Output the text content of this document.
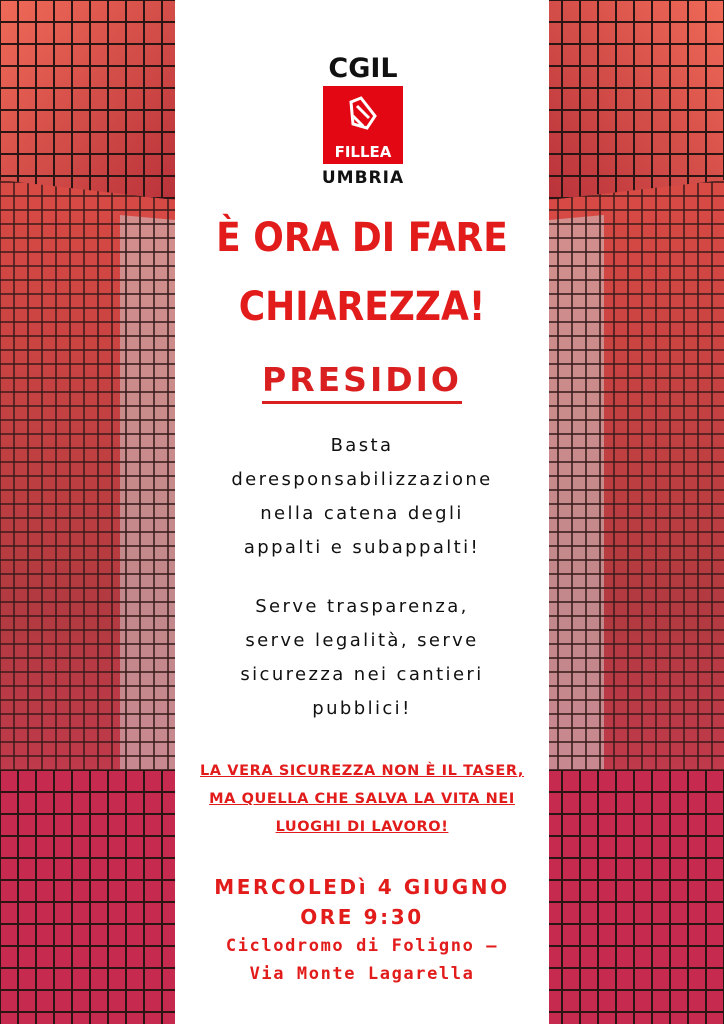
CGIL
FILLEA
UMBRIA
È ORA DI FARE
CHIAREZZA!
PRESIDIO
Basta
deresponsabilizzazione
nella catena degli
appalti e subappalti!
Serve trasparenza,
serve legalità, serve
sicurezza nei cantieri
pubblici!
LA VERA SICUREZZA NON È IL TASER,
MA QUELLA CHE SALVA LA VITA NEI
LUOGHI DI LAVORO!
MERCOLEDì 4 GIUGNO
ORE 9:30
Ciclodromo di Foligno –
Via Monte Lagarella
